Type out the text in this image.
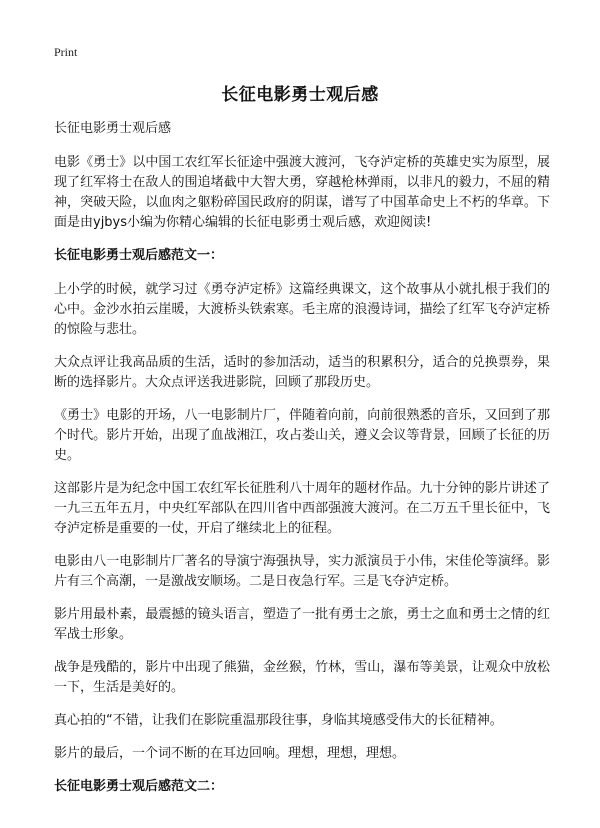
Print
长征电影勇士观后感

长征电影勇士观后感

电影《勇士》以中国工农红军长征途中强渡大渡河，飞夺泸定桥的英雄史实为原型，展现了红军将士在敌人的围追堵截中大智大勇，穿越枪林弹雨，以非凡的毅力，不屈的精神，突破天险，以血肉之躯粉碎国民政府的阴谋，谱写了中国革命史上不朽的华章。下面是由yjbys小编为你精心编辑的长征电影勇士观后感，欢迎阅读!

长征电影勇士观后感范文一：

上小学的时候，就学习过《勇夺泸定桥》这篇经典课文，这个故事从小就扎根于我们的心中。金沙水拍云崖暖，大渡桥头铁索寒。毛主席的浪漫诗词，描绘了红军飞夺泸定桥的惊险与悲壮。

大众点评让我高品质的生活，适时的参加活动，适当的积累积分，适合的兑换票券，果断的选择影片。大众点评送我进影院，回顾了那段历史。

《勇士》电影的开场，八一电影制片厂，伴随着向前，向前很熟悉的音乐，又回到了那个时代。影片开始，出现了血战湘江，攻占娄山关，遵义会议等背景，回顾了长征的历史。

这部影片是为纪念中国工农红军长征胜利八十周年的题材作品。九十分钟的影片讲述了一九三五年五月，中央红军部队在四川省中西部强渡大渡河。在二万五千里长征中，飞夺泸定桥是重要的一仗，开启了继续北上的征程。

电影由八一电影制片厂著名的导演宁海强执导，实力派演员于小伟，宋佳伦等演绎。影片有三个高潮，一是激战安顺场。二是日夜急行军。三是飞夺泸定桥。

影片用最朴素，最震撼的镜头语言，塑造了一批有勇士之旅，勇士之血和勇士之情的红军战士形象。

战争是残酷的，影片中出现了熊猫，金丝猴，竹林，雪山，瀑布等美景，让观众中放松一下，生活是美好的。

真心拍的“不错，让我们在影院重温那段往事，身临其境感受伟大的长征精神。

影片的最后，一个词不断的在耳边回响。理想，理想，理想。

长征电影勇士观后感范文二：
